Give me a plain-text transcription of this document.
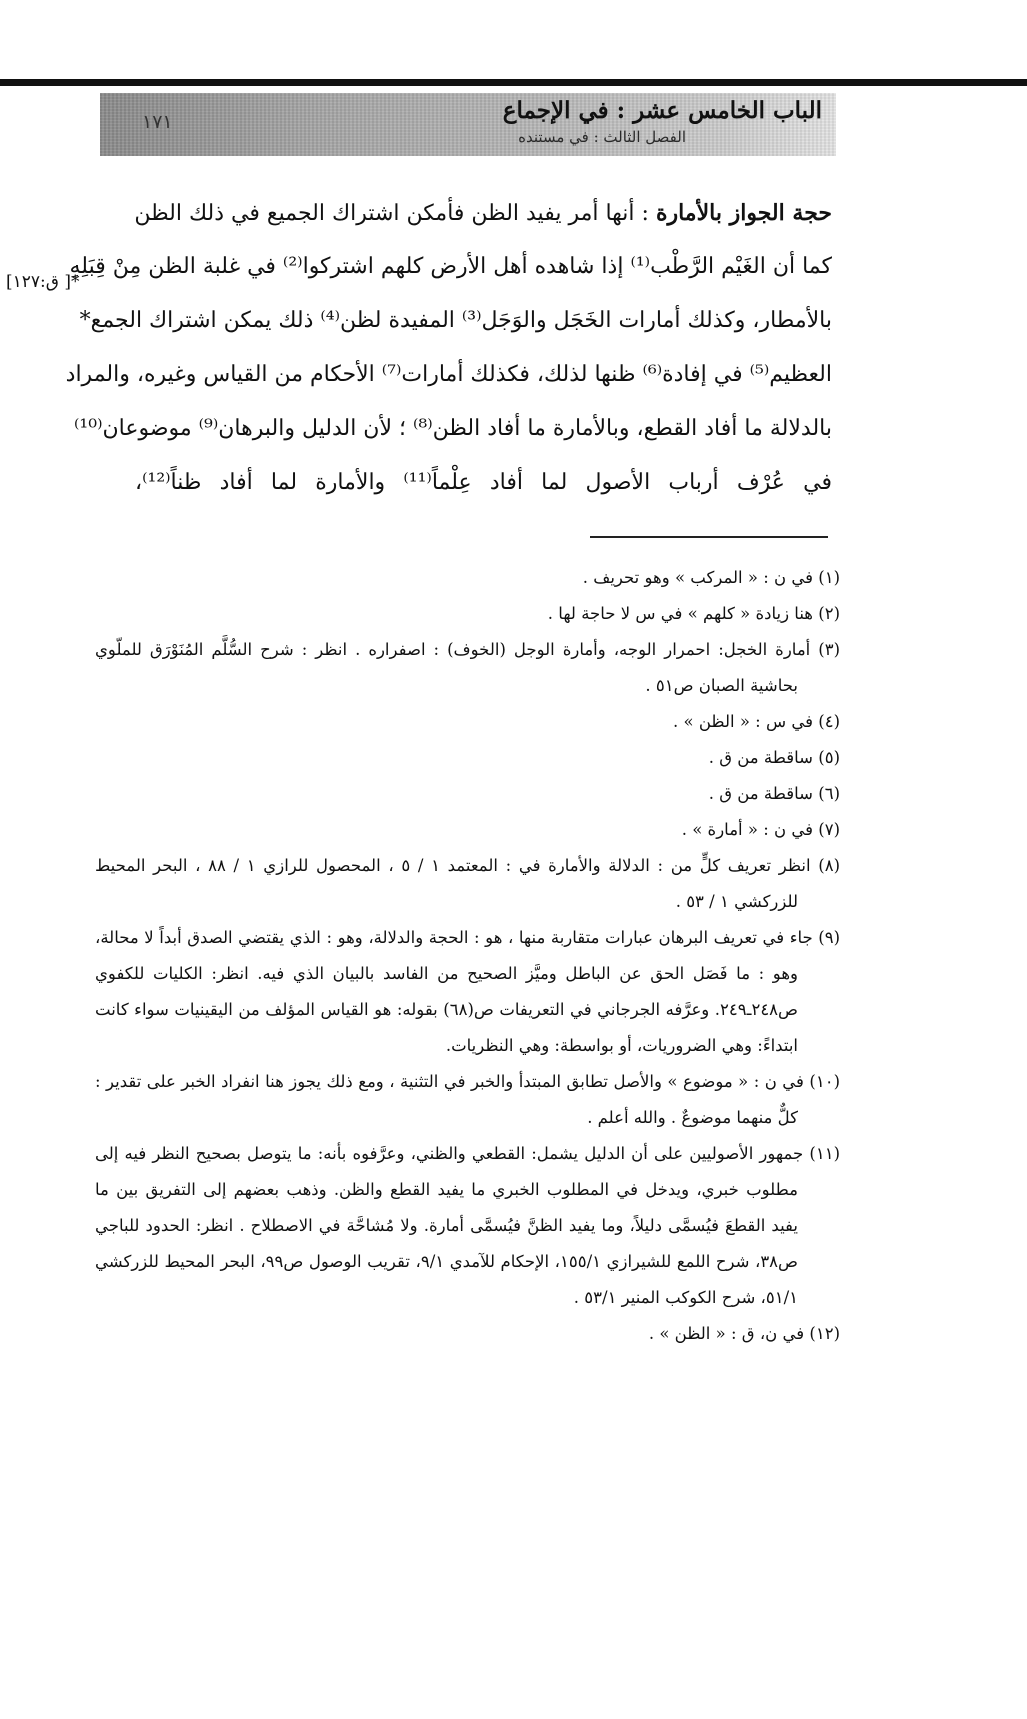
الباب الخامس عشر : في الإجماع
الفصل الثالث : في مستنده
١٧١
*[ ق:١٢٧]
حجة الجواز بالأمارة : أنها أمر يفيد الظن فأمكن اشتراك الجميع في ذلك الظن
كما أن الغَيْم الرَّطْب⁽¹⁾ إذا شاهده أهل الأرض كلهم اشتركوا⁽²⁾ في غلبة الظن مِنْ قِبَلِهِ
بالأمطار، وكذلك أمارات الخَجَل والوَجَل⁽³⁾ المفيدة لظن⁽⁴⁾ ذلك يمكن اشتراك الجمع*
العظيم⁽⁵⁾ في إفادة⁽⁶⁾ ظنها لذلك، فكذلك أمارات⁽⁷⁾ الأحكام من القياس وغيره، والمراد
بالدلالة ما أفاد القطع، وبالأمارة ما أفاد الظن⁽⁸⁾ ؛ لأن الدليل والبرهان⁽⁹⁾ موضوعان⁽¹⁰⁾
في عُرْف أرباب الأصول لما أفاد عِلْماً⁽¹¹⁾ والأمارة لما أفاد ظناً⁽¹²⁾،
(١) في ن : « المركب » وهو تحريف .
(٢) هنا زيادة « كلهم » في س لا حاجة لها .
(٣) أمارة الخجل: احمرار الوجه، وأمارة الوجل (الخوف) : اصفراره . انظر : شرح السُّلَّم المُنَوْرَق للملّوي بحاشية الصبان ص٥١ .
(٤) في س : « الظن » .
(٥) ساقطة من ق .
(٦) ساقطة من ق .
(٧) في ن : « أمارة » .
(٨) انظر تعريف كلٍّ من : الدلالة والأمارة في : المعتمد ١ / ٥ ، المحصول للرازي ١ / ٨٨ ، البحر المحيط للزركشي ١ / ٥٣ .
(٩) جاء في تعريف البرهان عبارات متقاربة منها ، هو : الحجة والدلالة، وهو : الذي يقتضي الصدق أبداً لا محالة، وهو : ما فَصَل الحق عن الباطل وميَّز الصحيح من الفاسد بالبيان الذي فيه. انظر: الكليات للكفوي ص٢٤٨ـ٢٤٩. وعرَّفه الجرجاني في التعريفات ص(٦٨) بقوله: هو القياس المؤلف من اليقينيات سواء كانت ابتداءً: وهي الضروريات، أو بواسطة: وهي النظريات.
(١٠) في ن : « موضوع » والأصل تطابق المبتدأ والخبر في التثنية ، ومع ذلك يجوز هنا انفراد الخبر على تقدير : كلٌّ منهما موضوعٌ . والله أعلم .
(١١) جمهور الأصوليين على أن الدليل يشمل: القطعي والظني، وعرَّفوه بأنه: ما يتوصل بصحيح النظر فيه إلى مطلوب خبري، ويدخل في المطلوب الخبري ما يفيد القطع والظن. وذهب بعضهم إلى التفريق بين ما يفيد القطعَ فيُسمَّى دليلاً، وما يفيد الظنَّ فيُسمَّى أمارة. ولا مُشاحَّة في الاصطلاح . انظر: الحدود للباجي ص٣٨، شرح اللمع للشيرازي ١٥٥/١، الإحكام للآمدي ٩/١، تقريب الوصول ص٩٩، البحر المحيط للزركشي ٥١/١، شرح الكوكب المنير ٥٣/١ .
(١٢) في ن، ق : « الظن » .
